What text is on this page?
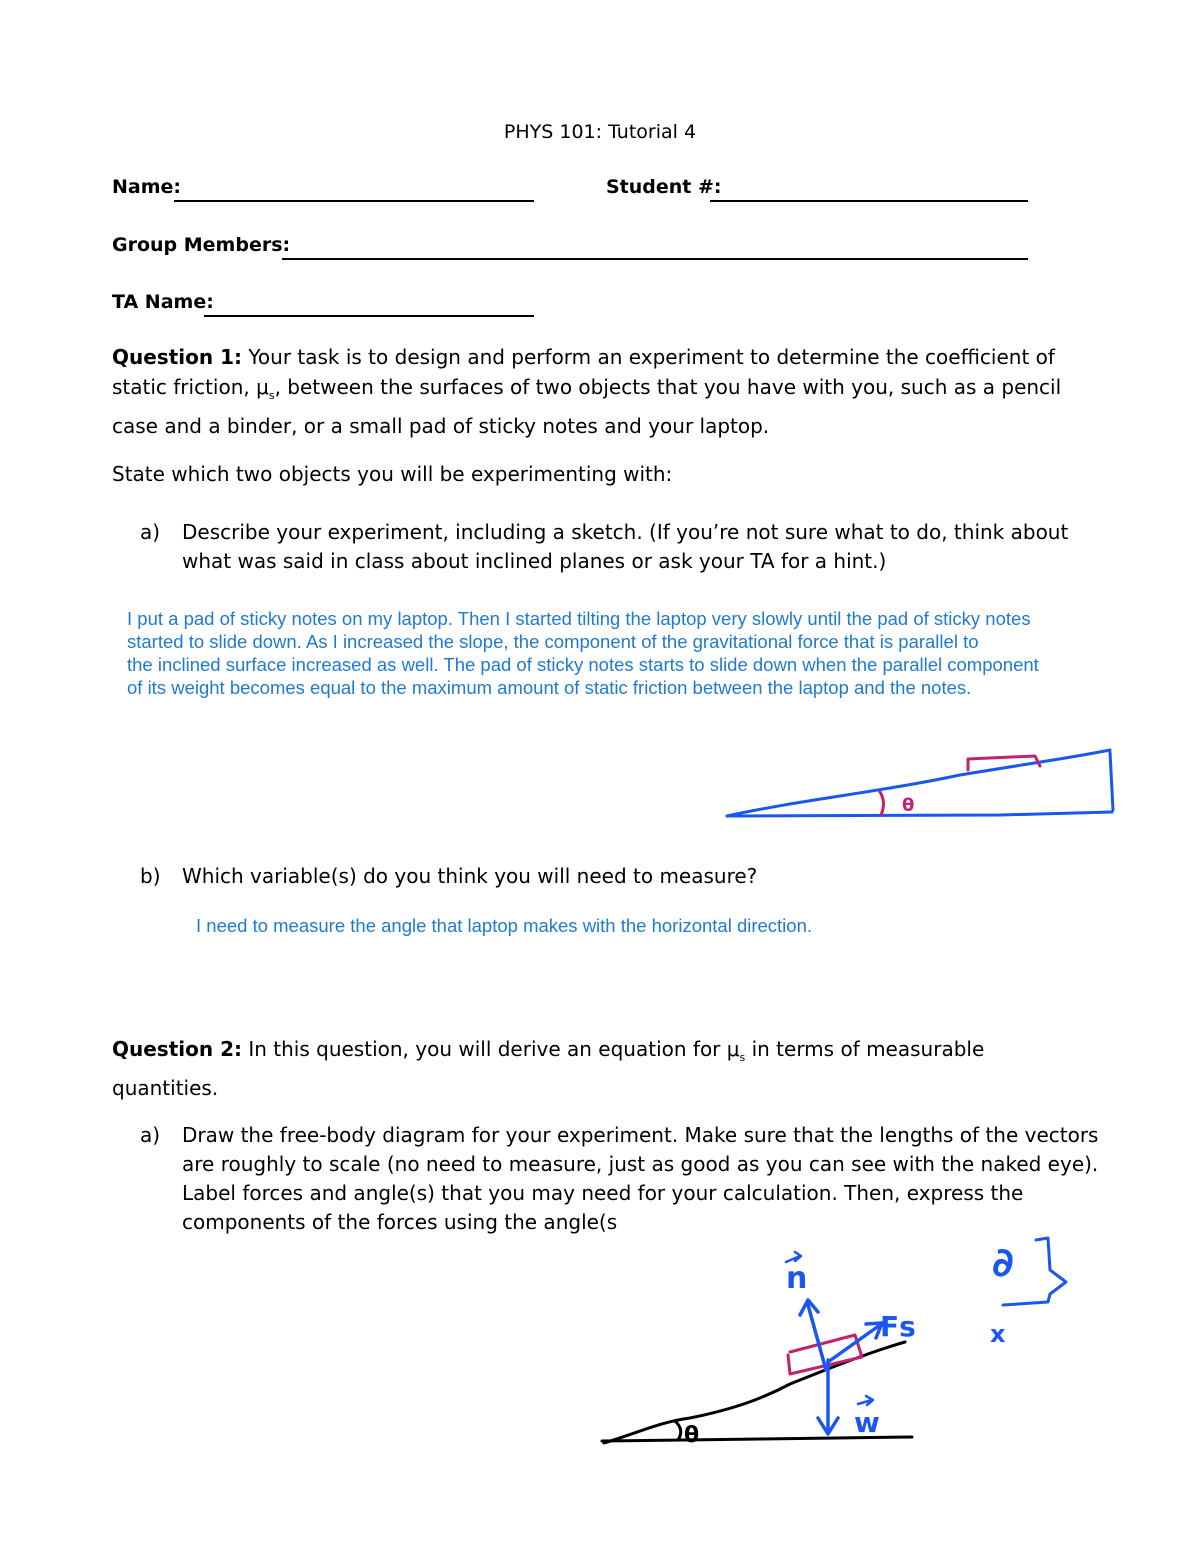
PHYS 101: Tutorial 4
Name:	Student #:
Group Members:
TA Name:
Question 1: Your task is to design and perform an experiment to determine the coefficient of static friction, $\mu_s$, between the surfaces of two objects that you have with you, such as a pencil case and a binder, or a small pad of sticky notes and your laptop.
State which two objects you will be experimenting with:
a) Describe your experiment, including a sketch. (If you’re not sure what to do, think about what was said in class about inclined planes or ask your TA for a hint.)
I put a pad of sticky notes on my laptop. Then I started tilting the laptop very slowly until the pad of sticky notes
started to slide down. As I increased the slope, the component of the gravitational force that is parallel to
the inclined surface increased as well. The pad of sticky notes starts to slide down when the parallel component
of its weight becomes equal to the maximum amount of static friction between the laptop and the notes.
θ
b) Which variable(s) do you think you will need to measure?
I need to measure the angle that laptop makes with the horizontal direction.
Question 2: In this question, you will derive an equation for $\mu_s$ in terms of measurable quantities.
a) Draw the free-body diagram for your experiment. Make sure that the lengths of the vectors are roughly to scale (no need to measure, just as good as you can see with the naked eye). Label forces and angle(s) that you may need for your calculation. Then, express the components of the forces using the angle(s
n
Fs
w
θ
∂
x
